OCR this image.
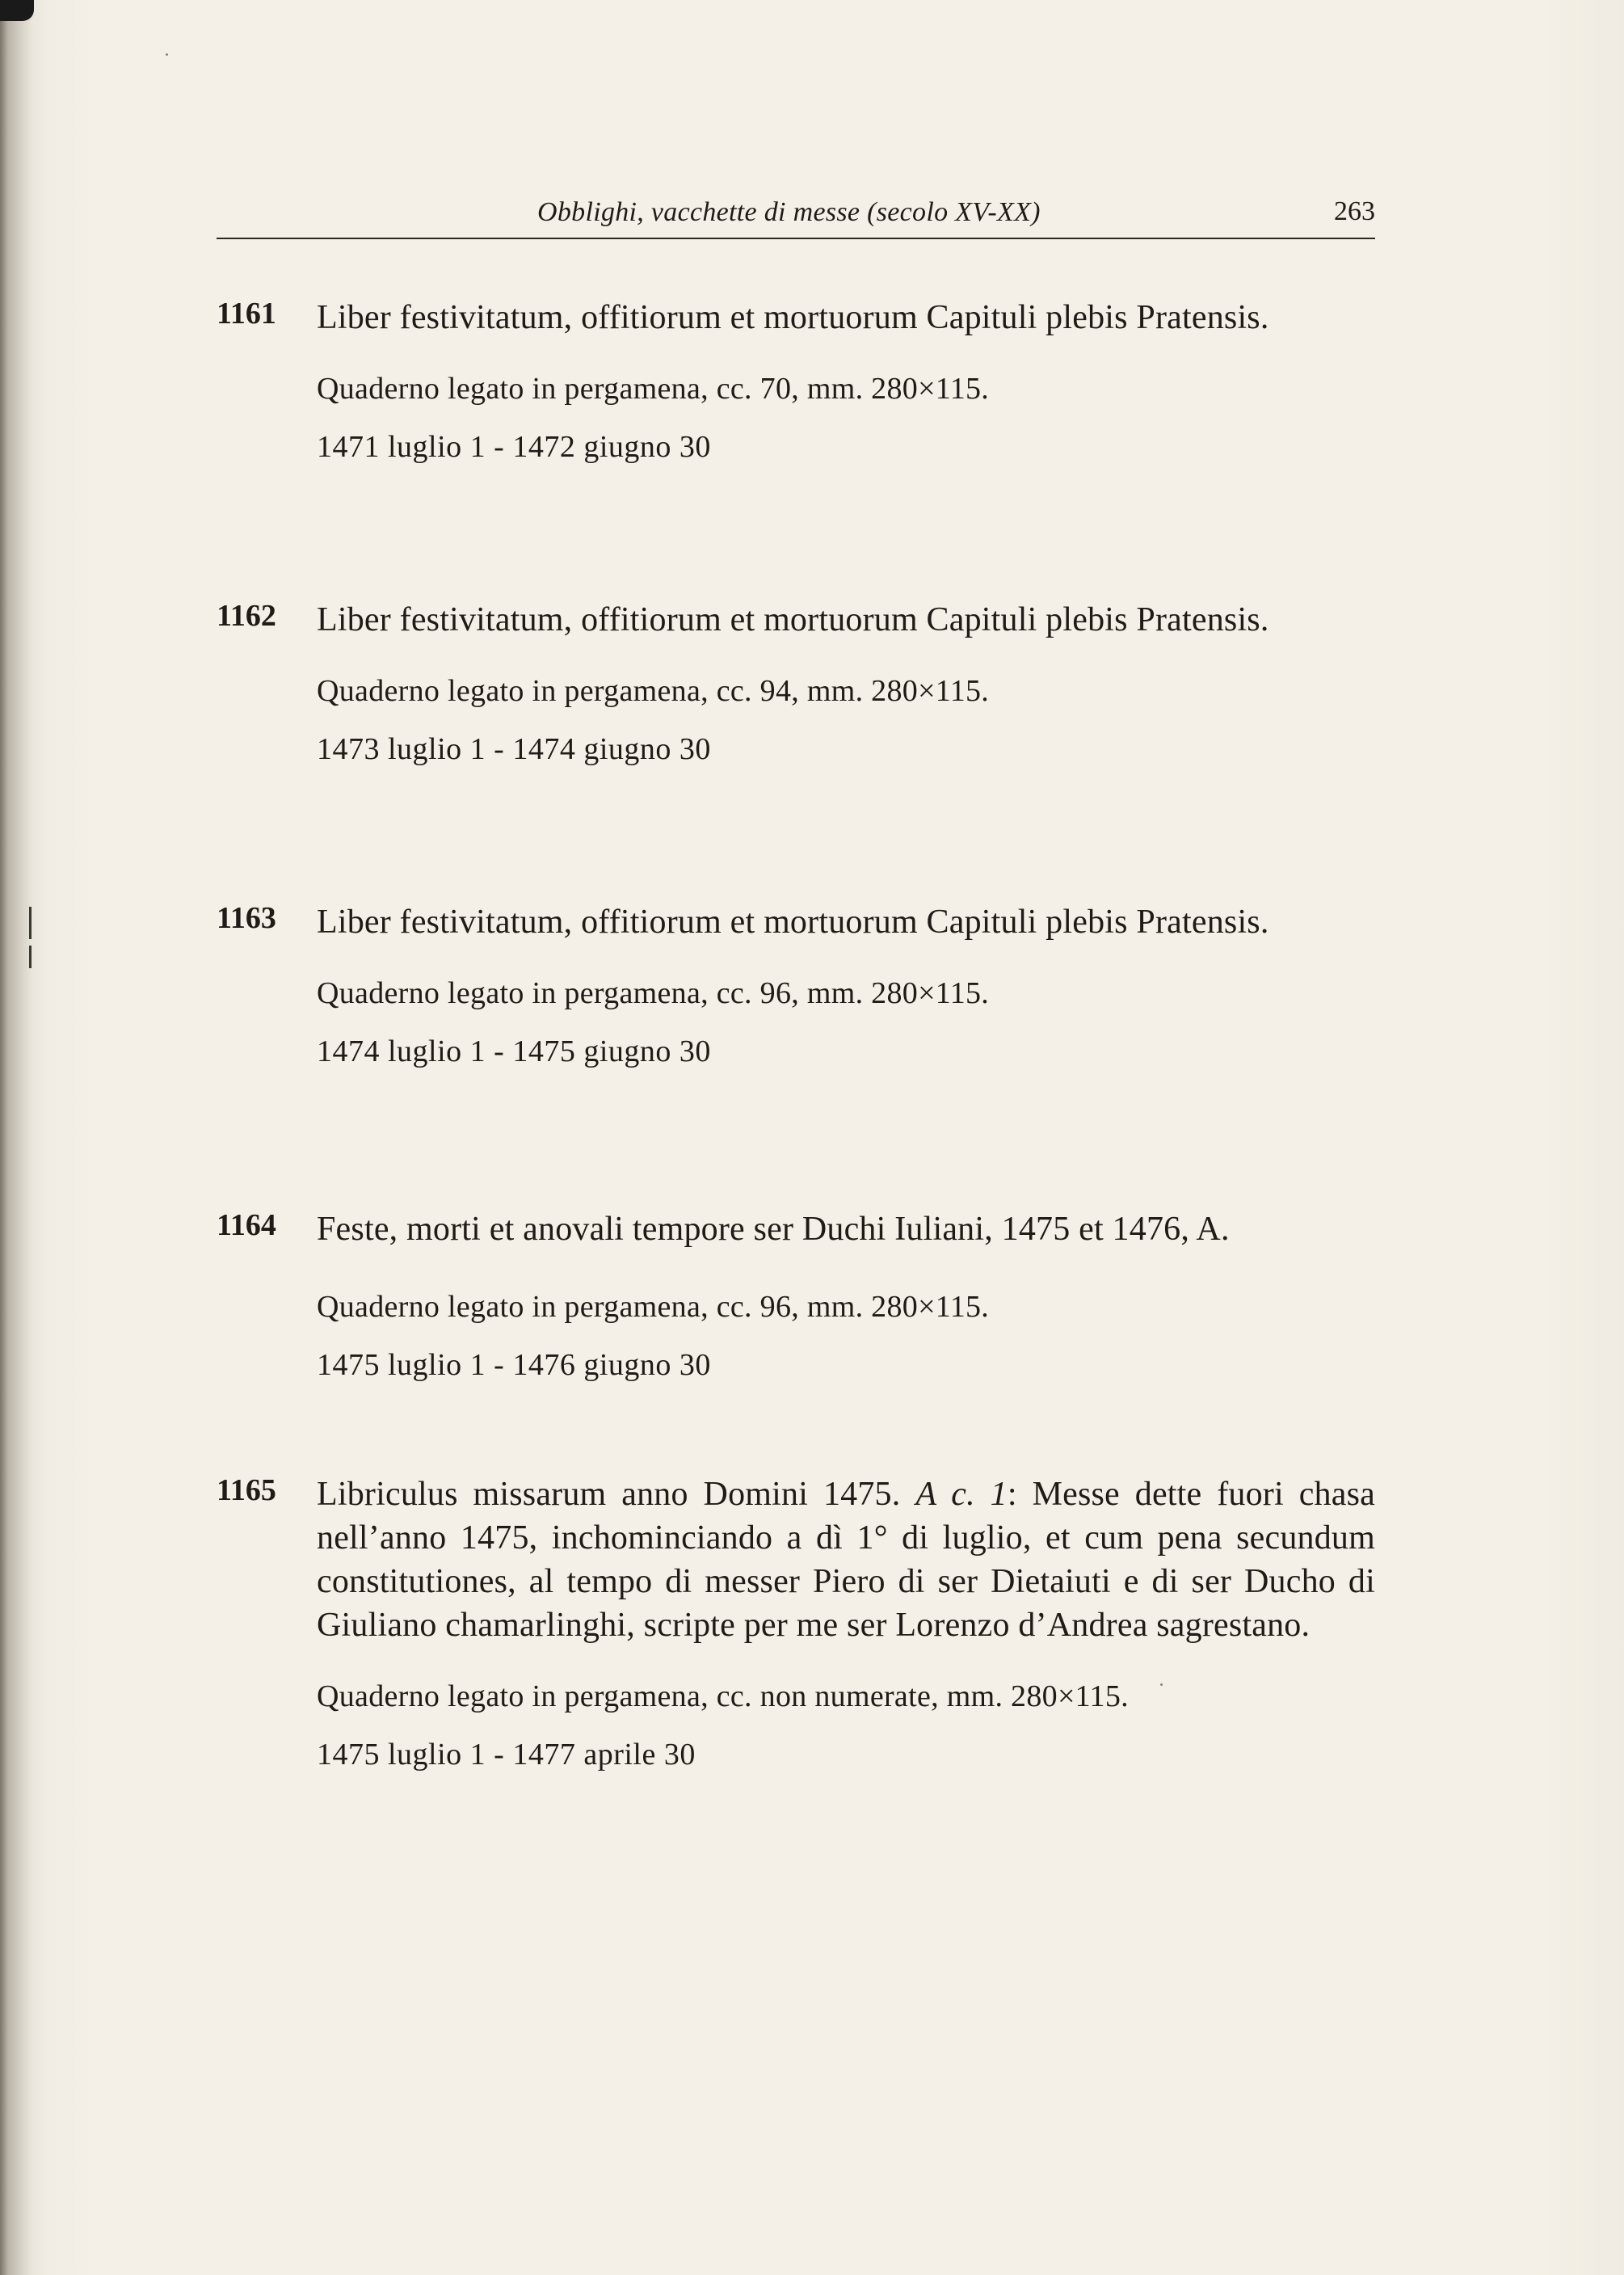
Obblighi, vacchette di messe (secolo XV-XX)	263
1161 Liber festivitatum, offitiorum et mortuorum Capituli plebis Pratensis.
Quaderno legato in pergamena, cc. 70, mm. 280×115.
1471 luglio 1 - 1472 giugno 30
1162 Liber festivitatum, offitiorum et mortuorum Capituli plebis Pratensis.
Quaderno legato in pergamena, cc. 94, mm. 280×115.
1473 luglio 1 - 1474 giugno 30
1163 Liber festivitatum, offitiorum et mortuorum Capituli plebis Pratensis.
Quaderno legato in pergamena, cc. 96, mm. 280×115.
1474 luglio 1 - 1475 giugno 30
1164 Feste, morti et anovali tempore ser Duchi Iuliani, 1475 et 1476, A.
Quaderno legato in pergamena, cc. 96, mm. 280×115.
1475 luglio 1 - 1476 giugno 30
1165 Libriculus missarum anno Domini 1475. A c. 1: Messe dette fuori chasa nell’anno 1475, inchominciando a dì 1° di luglio, et cum pena secundum constitutiones, al tempo di messer Piero di ser Dietaiuti e di ser Ducho di Giuliano chamarlinghi, scripte per me ser Lorenzo d’Andrea sagrestano.
Quaderno legato in pergamena, cc. non numerate, mm. 280×115.
1475 luglio 1 - 1477 aprile 30
